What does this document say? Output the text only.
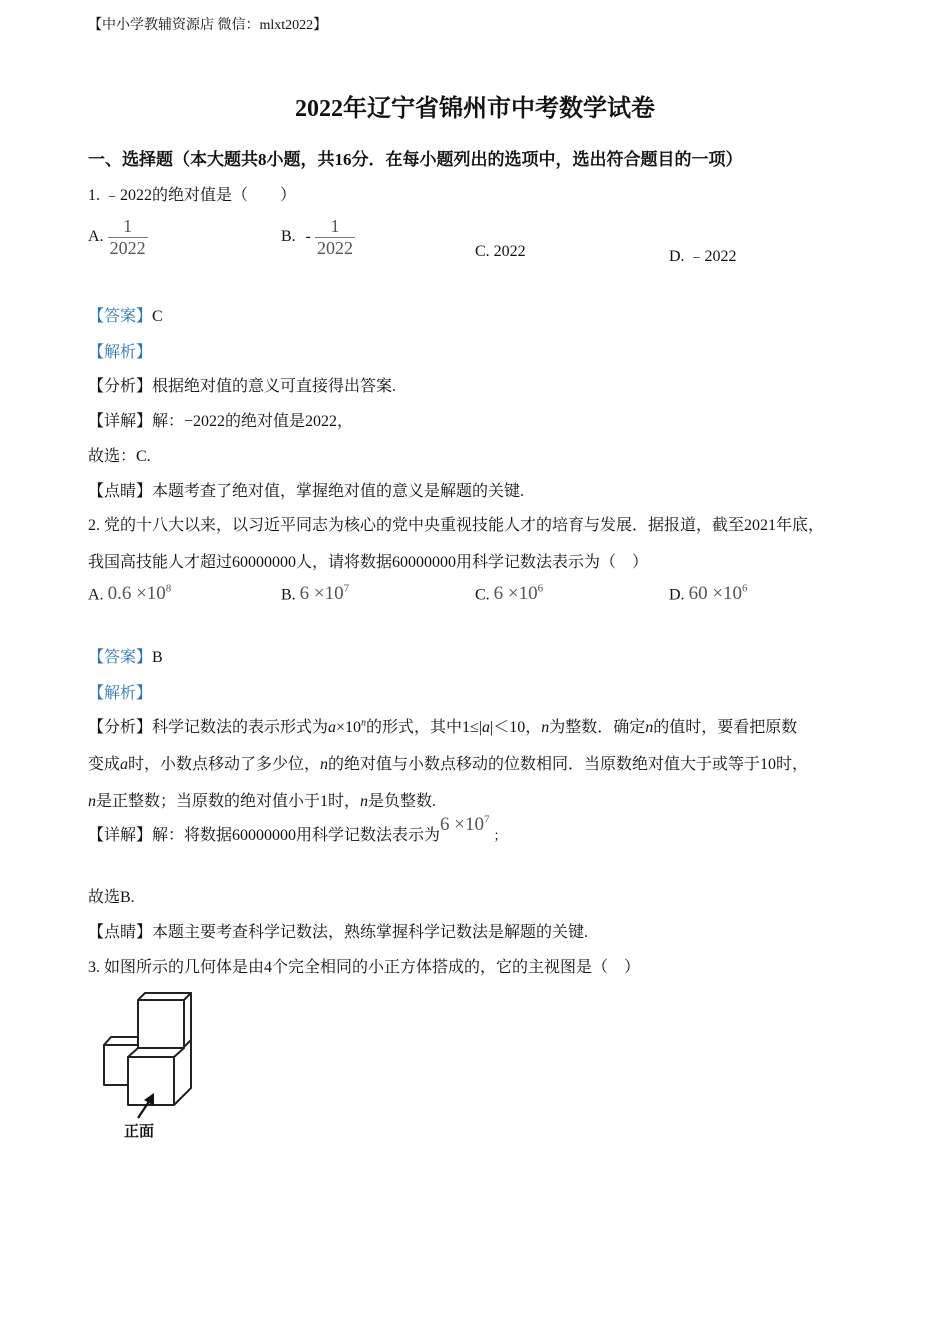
【中小学教辅资源店 微信：mlxt2022】
2022年辽宁省锦州市中考数学试卷
一、选择题（本大题共8小题，共16分．在每小题列出的选项中，选出符合题目的一项）
1. ﹣2022的绝对值是（　　）
A. $\frac{1}{2022}$	B. - $\frac{1}{2022}$	C. 2022	D. ﹣2022
【答案】C
【解析】
【分析】根据绝对值的意义可直接得出答案.
【详解】解：−2022的绝对值是2022，
故选：C.
【点睛】本题考查了绝对值，掌握绝对值的意义是解题的关键.
2. 党的十八大以来，以习近平同志为核心的党中央重视技能人才的培育与发展．据报道，截至2021年底，
我国高技能人才超过60000000人，请将数据60000000用科学记数法表示为（　）
A. $0.6 \times 10^8$	B. $6 \times 10^7$	C. $6 \times 10^6$	D. $60 \times 10^6$
【答案】B
【解析】
【分析】科学记数法的表示形式为$a\times 10^n$的形式，其中1≤|a|＜10，n为整数．确定n的值时，要看把原数
变成a时，小数点移动了多少位，n的绝对值与小数点移动的位数相同．当原数绝对值大于或等于10时，
n是正整数；当原数的绝对值小于1时，n是负整数.
【详解】解：将数据60000000用科学记数法表示为$6 \times 10^7$；
故选B.
【点睛】本题主要考查科学记数法，熟练掌握科学记数法是解题的关键.
3. 如图所示的几何体是由4个完全相同的小正方体搭成的，它的主视图是（　）
正面
